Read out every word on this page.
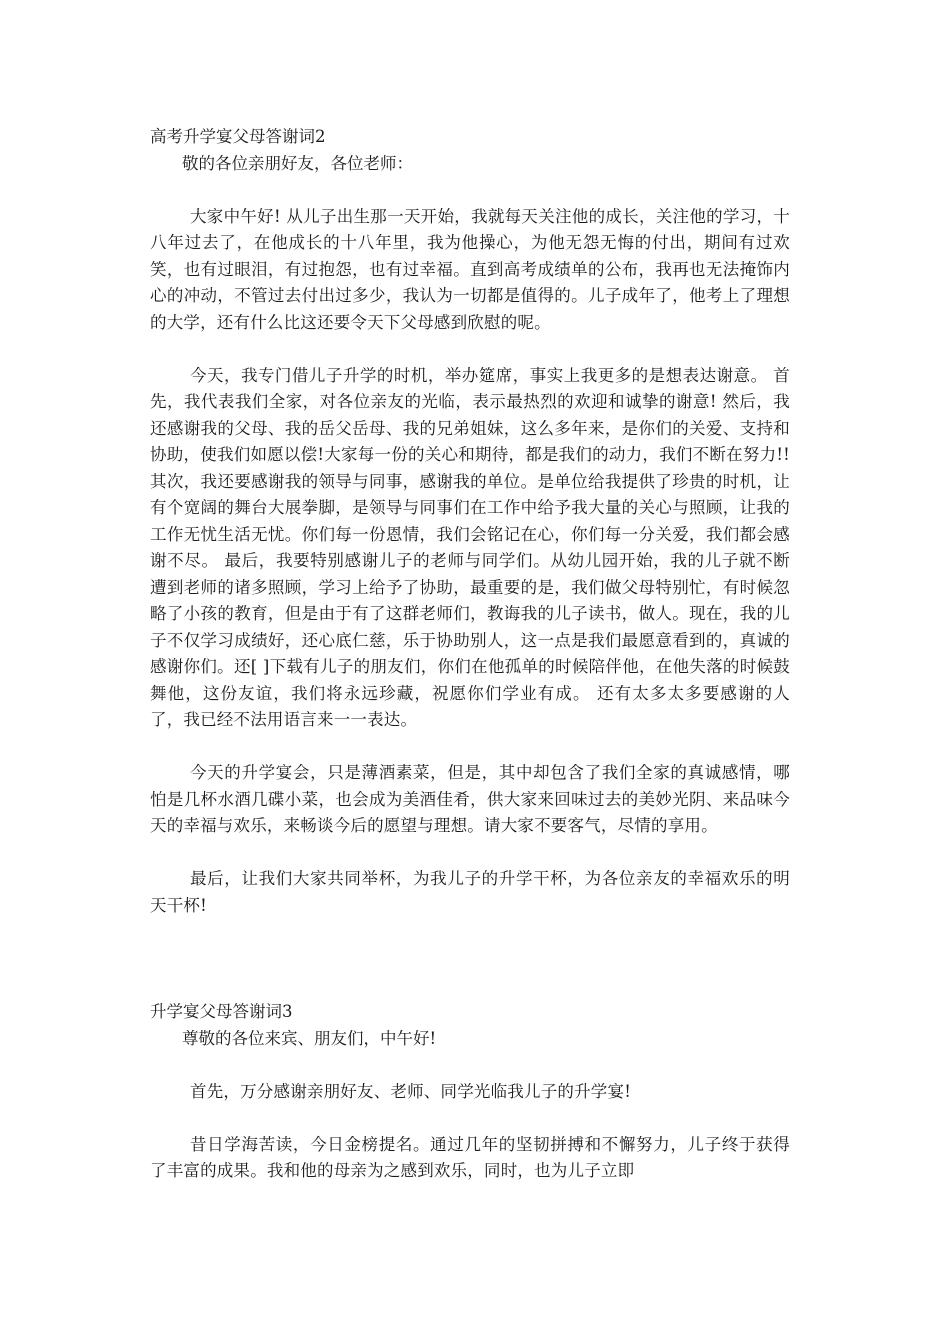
高考升学宴父母答谢词2

敬的各位亲朋好友，各位老师：

大家中午好! 从儿子出生那一天开始，我就每天关注他的成长，关注他的学习，十八年过去了，在他成长的十八年里，我为他操心，为他无怨无悔的付出，期间有过欢笑，也有过眼泪，有过抱怨，也有过幸福。直到高考成绩单的公布，我再也无法掩饰内心的冲动，不管过去付出过多少，我认为一切都是值得的。儿子成年了，他考上了理想的大学，还有什么比这还要令天下父母感到欣慰的呢。

今天，我专门借儿子升学的时机，举办筵席，事实上我更多的是想表达谢意。 首先，我代表我们全家，对各位亲友的光临，表示最热烈的欢迎和诚挚的谢意! 然后，我还感谢我的父母、我的岳父岳母、我的兄弟姐妹，这么多年来，是你们的关爱、支持和协助，使我们如愿以偿!大家每一份的关心和期待，都是我们的动力，我们不断在努力!! 其次，我还要感谢我的领导与同事，感谢我的单位。是单位给我提供了珍贵的时机，让有个宽阔的舞台大展拳脚，是领导与同事们在工作中给予我大量的关心与照顾，让我的工作无忧生活无忧。你们每一份恩情，我们会铭记在心，你们每一分关爱，我们都会感谢不尽。 最后，我要特别感谢儿子的老师与同学们。从幼儿园开始，我的儿子就不断遭到老师的诸多照顾，学习上给予了协助，最重要的是，我们做父母特别忙，有时候忽略了小孩的教育，但是由于有了这群老师们，教诲我的儿子读书，做人。现在，我的儿子不仅学习成绩好，还心底仁慈，乐于协助别人，这一点是我们最愿意看到的，真诚的感谢你们。还[ ]下载有儿子的朋友们，你们在他孤单的时候陪伴他，在他失落的时候鼓舞他，这份友谊，我们将永远珍藏，祝愿你们学业有成。 还有太多太多要感谢的人了，我已经不法用语言来一一表达。

今天的升学宴会，只是薄酒素菜，但是，其中却包含了我们全家的真诚感情，哪怕是几杯水酒几碟小菜，也会成为美酒佳肴，供大家来回味过去的美妙光阴、来品味今天的幸福与欢乐，来畅谈今后的愿望与理想。请大家不要客气，尽情的享用。

最后，让我们大家共同举杯，为我儿子的升学干杯，为各位亲友的幸福欢乐的明天干杯!

升学宴父母答谢词3

尊敬的各位来宾、朋友们，中午好!

首先，万分感谢亲朋好友、老师、同学光临我儿子的升学宴!

昔日学海苦读，今日金榜提名。通过几年的坚韧拼搏和不懈努力，儿子终于获得了丰富的成果。我和他的母亲为之感到欢乐，同时，也为儿子立即
